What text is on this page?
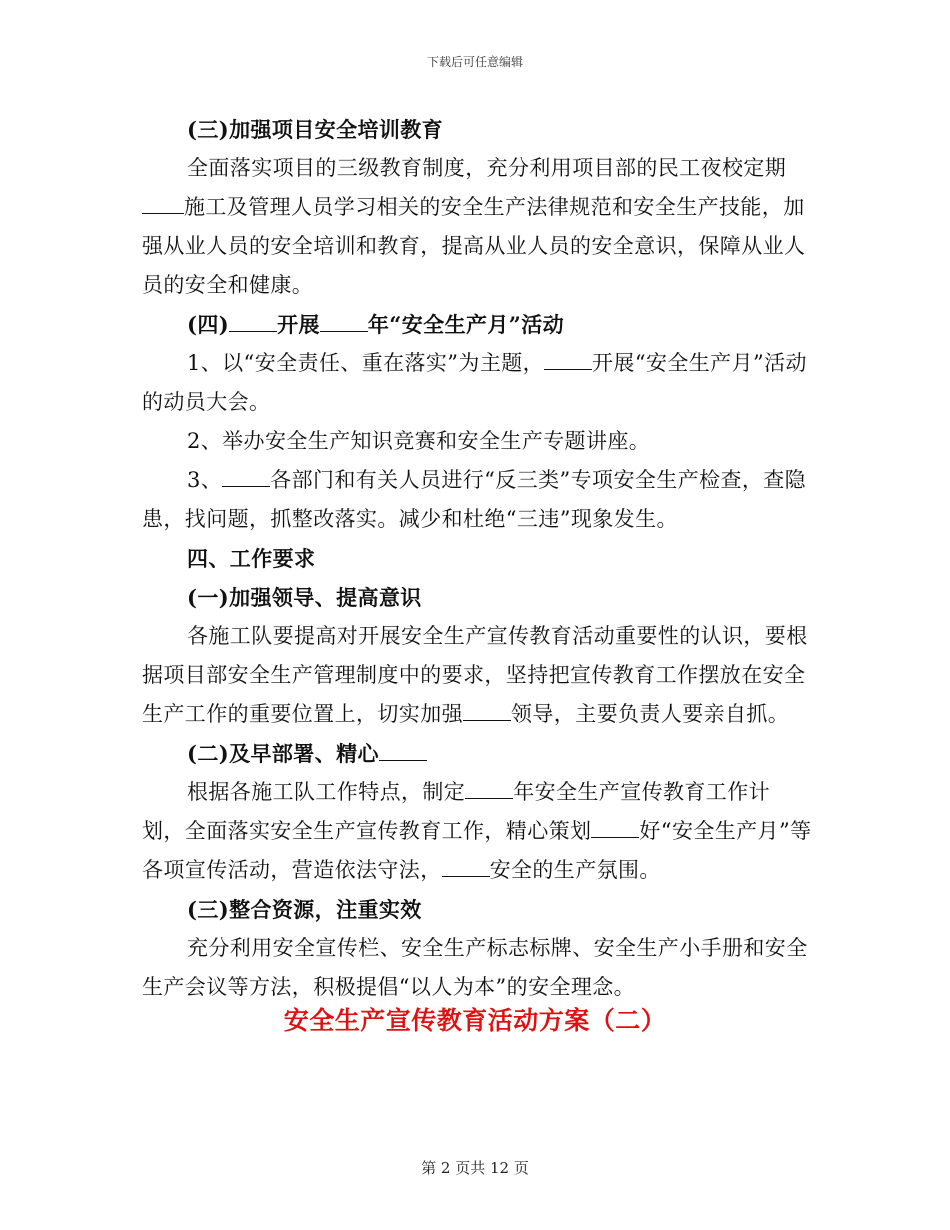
下载后可任意编辑

(三)加强项目安全培训教育

全面落实项目的三级教育制度，充分利用项目部的民工夜校定期施工及管理人员学习相关的安全生产法律规范和安全生产技能，加强从业人员的安全培训和教育，提高从业人员的安全意识，保障从业人员的安全和健康。

(四) 开展 年“安全生产月”活动

1、以“安全责任、重在落实”为主题， 开展“安全生产月”活动的动员大会。

2、举办安全生产知识竞赛和安全生产专题讲座。

3、 各部门和有关人员进行“反三类”专项安全生产检查，查隐患，找问题，抓整改落实。减少和杜绝“三违”现象发生。

四、工作要求

(一)加强领导、提高意识

各施工队要提高对开展安全生产宣传教育活动重要性的认识，要根据项目部安全生产管理制度中的要求，坚持把宣传教育工作摆放在安全生产工作的重要位置上，切实加强 领导，主要负责人要亲自抓。

(二)及早部署、精心

根据各施工队工作特点，制定 年安全生产宣传教育工作计划，全面落实安全生产宣传教育工作，精心策划 好“安全生产月”等各项宣传活动，营造依法守法， 安全的生产氛围。

(三)整合资源，注重实效

充分利用安全宣传栏、安全生产标志标牌、安全生产小手册和安全生产会议等方法，积极提倡“以人为本”的安全理念。

安全生产宣传教育活动方案（二）
第 2 页共 12 页
